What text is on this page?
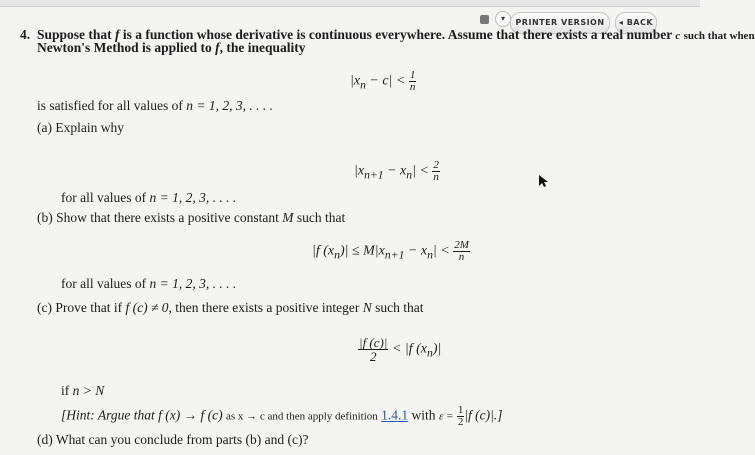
▾	PRINTER VERSION	◂ BACK
4. Suppose that f is a function whose derivative is continuous everywhere. Assume that there exists a real number c such that when
Newton's Method is applied to f, the inequality
$|x_n - c| < \frac{1}{n}$
is satisfied for all values of n = 1, 2, 3, . . . .
(a) Explain why
$|x_{n+1} - x_n| < \frac{2}{n}$
for all values of n = 1, 2, 3, . . . .
(b) Show that there exists a positive constant M such that
|f $(x_n)| \le M|x_{n+1} - x_n| < \frac{2M}{n}$
for all values of n = 1, 2, 3, . . . .
(c) Prove that if f (c) ≠ 0, then there exists a positive integer N such that
$\frac{|f (c)|}{2} < |f$ $(x_n)|$
if n > N
[Hint: Argue that f (x) → f (c) as x → c and then apply definition 1.4.1 with $\varepsilon = \frac{1}{2} |f$ (c)|.]
(d) What can you conclude from parts (b) and (c)?
